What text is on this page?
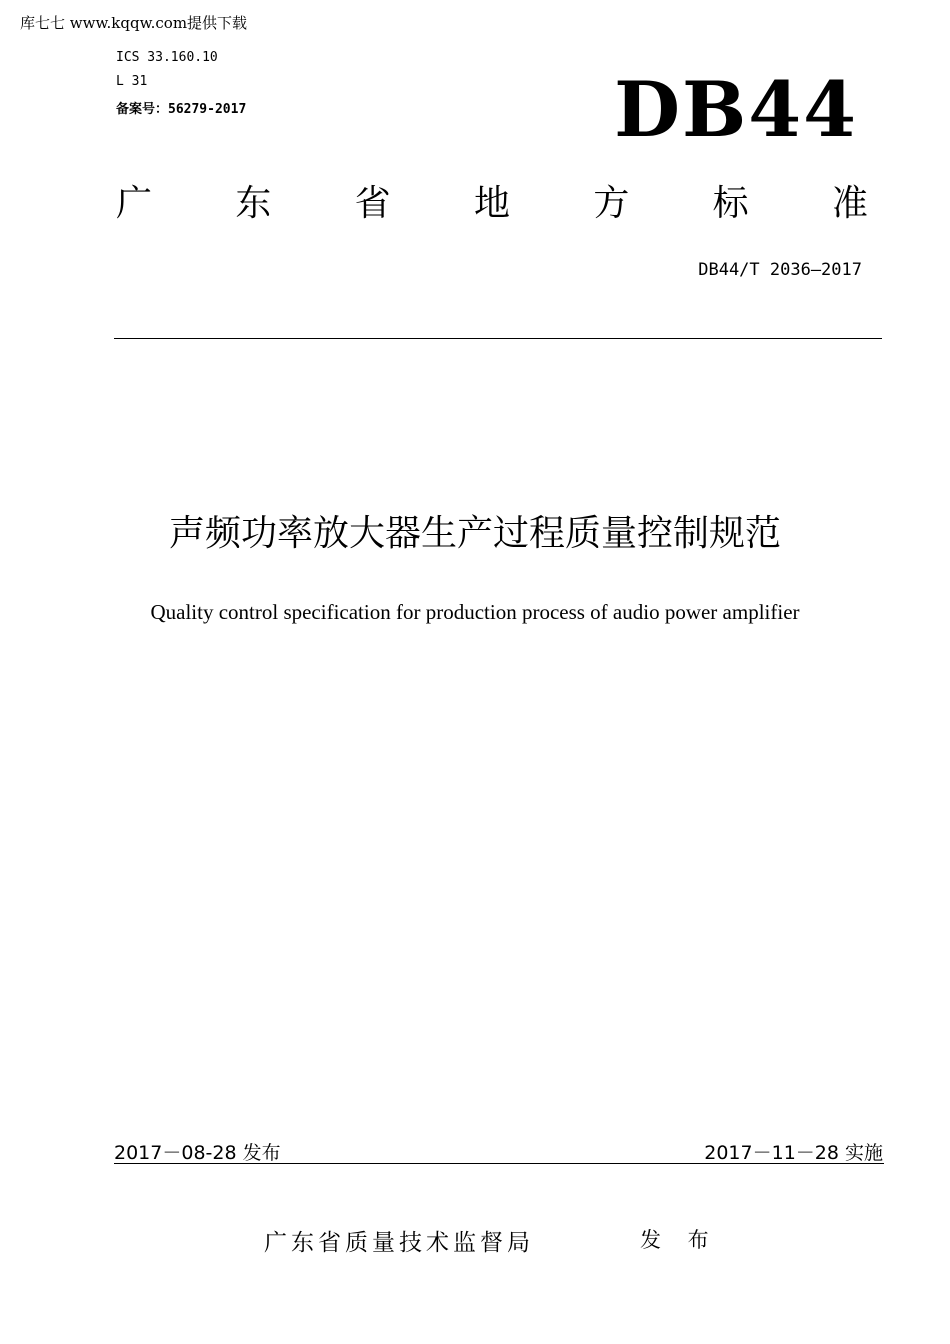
库七七 www.kqqw.com提供下载
ICS 33.160.10
L 31
备案号：56279-2017	DB44
广 东 省 地 方 标 准
DB44/T 2036—2017
声频功率放大器生产过程质量控制规范
Quality control specification for production process of audio power amplifier
2017－08-28 发布	2017－11－28 实施
广东省质量技术监督局	发 布
